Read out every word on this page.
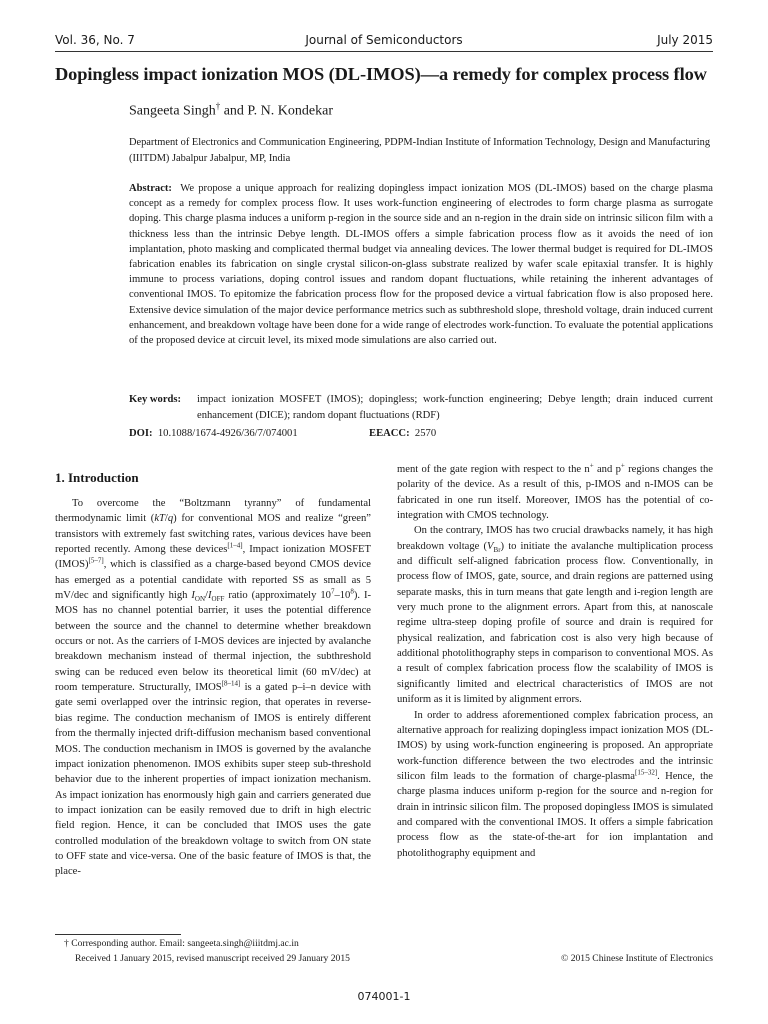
Vol. 36, No. 7	Journal of Semiconductors	July 2015
Dopingless impact ionization MOS (DL-IMOS)—a remedy for complex process flow
Sangeeta Singh† and P. N. Kondekar
Department of Electronics and Communication Engineering, PDPM-Indian Institute of Information Technology, Design and Manufacturing (IIITDM) Jabalpur Jabalpur, MP, India
Abstract: We propose a unique approach for realizing dopingless impact ionization MOS (DL-IMOS) based on the charge plasma concept as a remedy for complex process flow. It uses work-function engineering of electrodes to form charge plasma as surrogate doping. This charge plasma induces a uniform p-region in the source side and an n-region in the drain side on intrinsic silicon film with a thickness less than the intrinsic Debye length. DL-IMOS offers a simple fabrication process flow as it avoids the need of ion implantation, photo masking and complicated thermal budget via annealing devices. The lower thermal budget is required for DL-IMOS fabrication enables its fabrication on single crystal silicon-on-glass substrate realized by wafer scale epitaxial transfer. It is highly immune to process variations, doping control issues and random dopant fluctuations, while retaining the inherent advantages of conventional IMOS. To epitomize the fabrication process flow for the proposed device a virtual fabrication flow is also proposed here. Extensive device simulation of the major device performance metrics such as subthreshold slope, threshold voltage, drain induced current enhancement, and breakdown voltage have been done for a wide range of electrodes work-function. To evaluate the potential applications of the proposed device at circuit level, its mixed mode simulations are also carried out.
Key words: impact ionization MOSFET (IMOS); dopingless; work-function engineering; Debye length; drain induced current enhancement (DICE); random dopant fluctuations (RDF)
DOI: 10.1088/1674-4926/36/7/074001	EEACC: 2570
1. Introduction

To overcome the “Boltzmann tyranny” of fundamental thermodynamic limit (kT/q) for conventional MOS and realize “green” transistors with extremely fast switching rates, various devices have been reported recently. Among these devices[1–4], Impact ionization MOSFET (IMOS)[5–7], which is classified as a charge-based beyond CMOS device has emerged as a potential candidate with reported SS as small as 5 mV/dec and significantly high $I_{ON}/I_{OFF}$ ratio (approximately $10^7-10^8$). I-MOS has no channel potential barrier, it uses the potential difference between the source and the channel to determine whether breakdown occurs or not. As the carriers of I-MOS devices are injected by avalanche breakdown mechanism instead of thermal injection, the subthreshold swing can be reduced even below its theoretical limit (60 mV/dec) at room temperature. Structurally, IMOS[8–14] is a gated p–i–n device with gate semi overlapped over the intrinsic region, that operates in reverse-bias regime. The conduction mechanism of IMOS is entirely different from the thermally injected drift-diffusion mechanism based conventional MOS. The conduction mechanism in IMOS is governed by the avalanche impact ionization phenomenon. IMOS exhibits super steep sub-threshold behavior due to the inherent properties of impact ionization mechanism. As impact ionization has enormously high gain and carriers generated due to impact ionization can be easily removed due to drift in high electric field region. Hence, it can be concluded that IMOS uses the gate controlled modulation of the breakdown voltage to switch from ON state to OFF state and vice-versa. One of the basic feature of IMOS is that, the place-

ment of the gate region with respect to the n+ and p+ regions changes the polarity of the device. As a result of this, p-IMOS and n-IMOS can be fabricated in one run itself. Moreover, IMOS has the potential of co-integration with CMOS technology.

On the contrary, IMOS has two crucial drawbacks namely, it has high breakdown voltage $(V_{Br})$ to initiate the avalanche multiplication process and difficult self-aligned fabrication process flow. Conventionally, in process flow of IMOS, gate, source, and drain regions are patterned using separate masks, this in turn means that gate length and i-region length are very much prone to the alignment errors. Apart from this, at nanoscale regime ultra-steep doping profile of source and drain is required for physical realization, and fabrication cost is also very high because of additional photolithography steps in comparison to conventional MOS. As a result of complex fabrication process flow the scalability of IMOS is significantly limited and electrical characteristics of IMOS are not uniform as it is limited by alignment errors.

In order to address aforementioned complex fabrication process, an alternative approach for realizing dopingless impact ionization MOS (DL-IMOS) by using work-function engineering is proposed. An appropriate work-function difference between the two electrodes and the intrinsic silicon film leads to the formation of charge-plasma[15–32]. Hence, the charge plasma induces uniform p-region for the source and n-region for drain in intrinsic silicon film. The proposed dopingless IMOS is simulated and compared with the conventional IMOS. It offers a simple fabrication process flow as the state-of-the-art for ion implantation and photolithography equipment and

† Corresponding author. Email: sangeeta.singh@iiitdmj.ac.in
Received 1 January 2015, revised manuscript received 29 January 2015	© 2015 Chinese Institute of Electronics
074001-1
